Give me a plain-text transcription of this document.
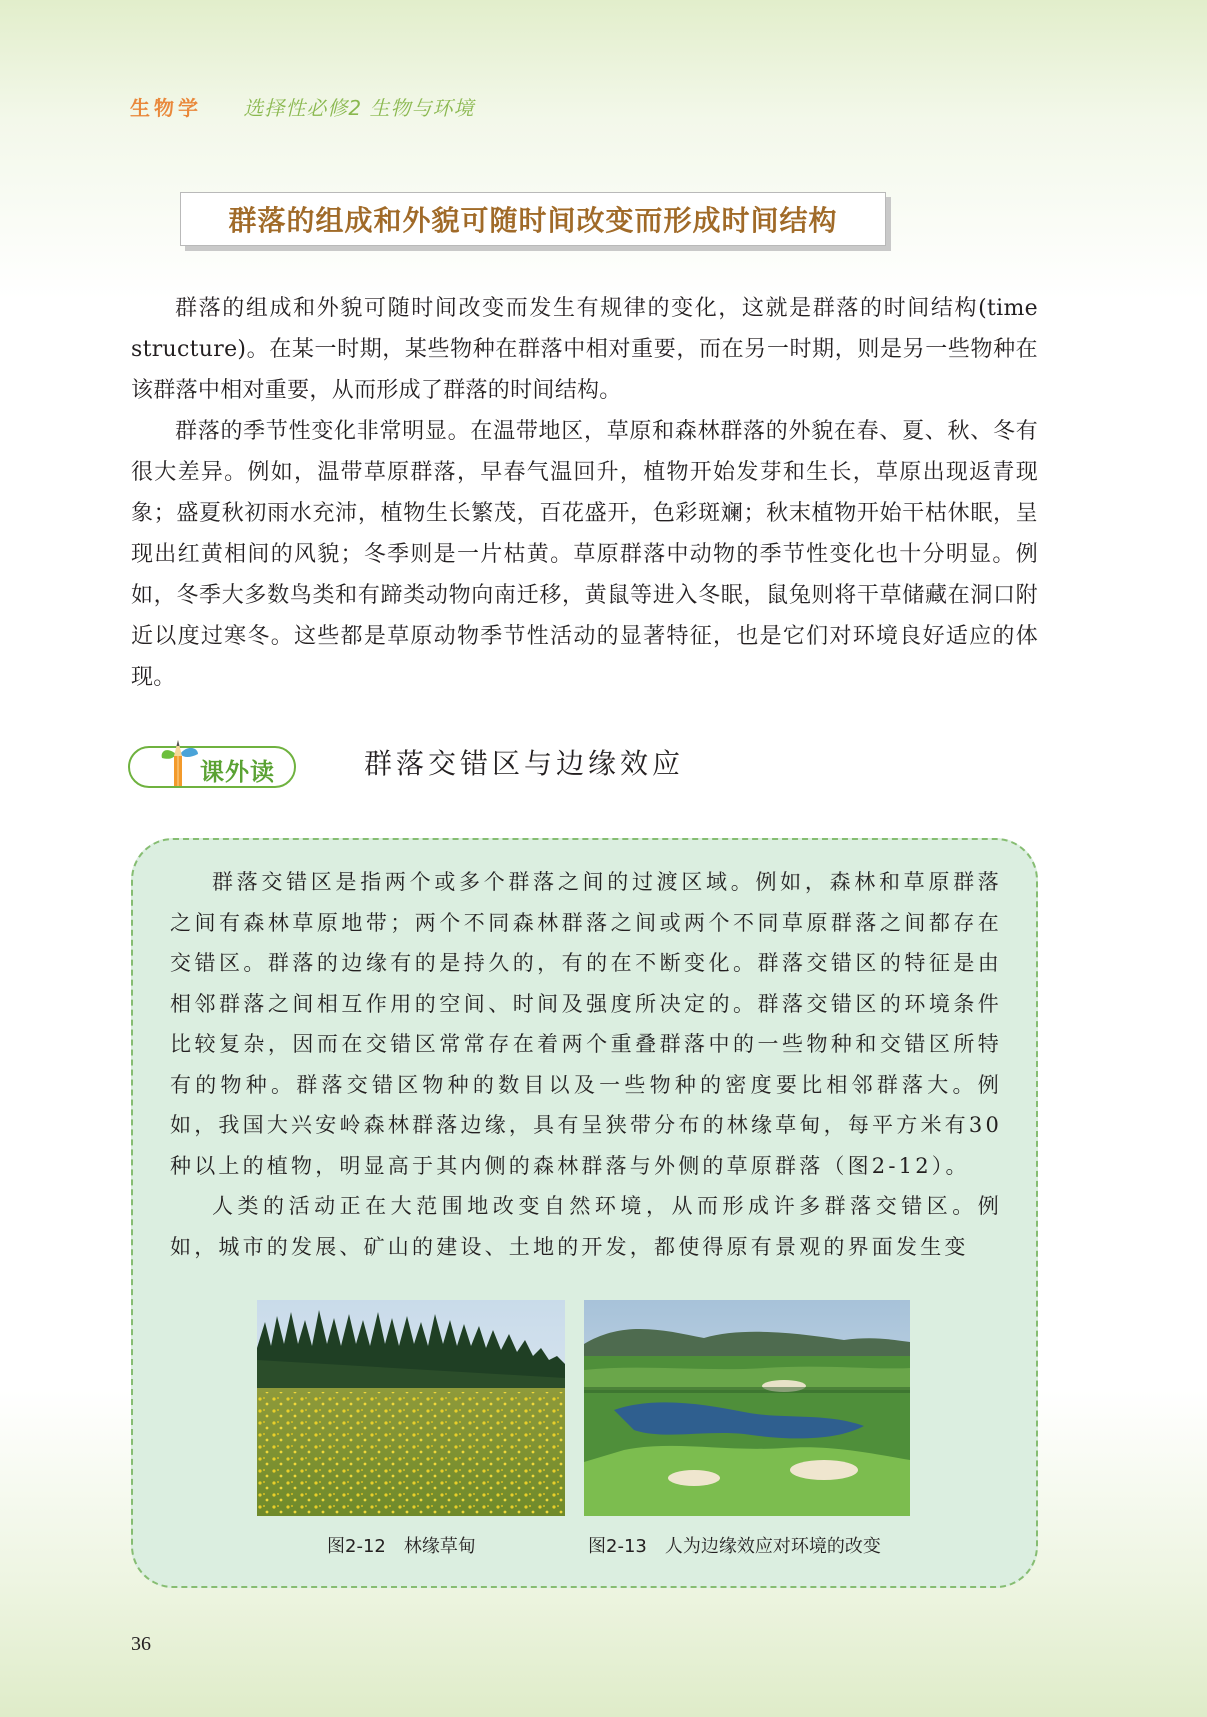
生物学 选择性必修2 生物与环境
群落的组成和外貌可随时间改变而形成时间结构

群落的组成和外貌可随时间改变而发生有规律的变化，这就是群落的时间结构(time structure)。在某一时期，某些物种在群落中相对重要，而在另一时期，则是另一些物种在该群落中相对重要，从而形成了群落的时间结构。

群落的季节性变化非常明显。在温带地区，草原和森林群落的外貌在春、夏、秋、冬有很大差异。例如，温带草原群落，早春气温回升，植物开始发芽和生长，草原出现返青现象；盛夏秋初雨水充沛，植物生长繁茂，百花盛开，色彩斑斓；秋末植物开始干枯休眠，呈现出红黄相间的风貌；冬季则是一片枯黄。草原群落中动物的季节性变化也十分明显。例如，冬季大多数鸟类和有蹄类动物向南迁移，黄鼠等进入冬眠，鼠兔则将干草储藏在洞口附近以度过寒冬。这些都是草原动物季节性活动的显著特征，也是它们对环境良好适应的体现。

课外读	群落交错区与边缘效应

群落交错区是指两个或多个群落之间的过渡区域。例如，森林和草原群落之间有森林草原地带；两个不同森林群落之间或两个不同草原群落之间都存在交错区。群落的边缘有的是持久的，有的在不断变化。群落交错区的特征是由相邻群落之间相互作用的空间、时间及强度所决定的。群落交错区的环境条件比较复杂，因而在交错区常常存在着两个重叠群落中的一些物种和交错区所特有的物种。群落交错区物种的数目以及一些物种的密度要比相邻群落大。例如，我国大兴安岭森林群落边缘，具有呈狭带分布的林缘草甸，每平方米有30种以上的植物，明显高于其内侧的森林群落与外侧的草原群落（图2-12）。

人类的活动正在大范围地改变自然环境，从而形成许多群落交错区。例如，城市的发展、矿山的建设、土地的开发，都使得原有景观的界面发生变

图2-12　林缘草甸	图2-13　人为边缘效应对环境的改变
36
